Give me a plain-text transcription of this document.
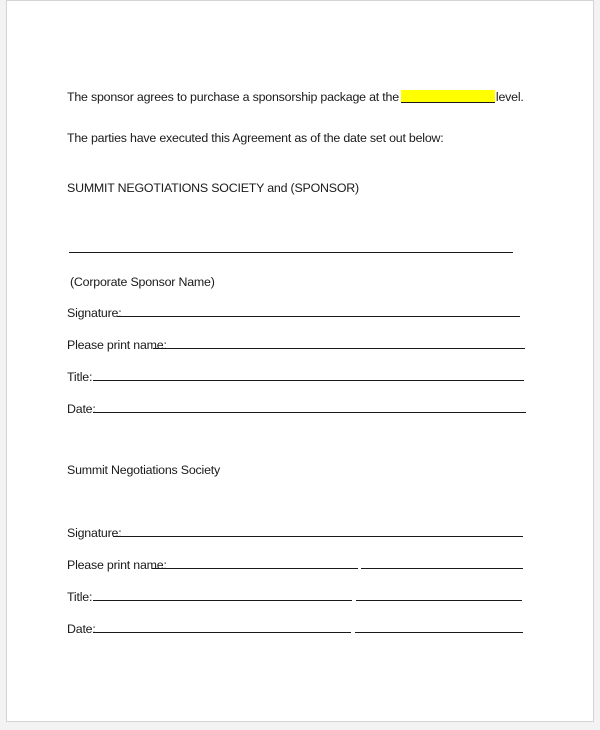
The sponsor agrees to purchase a sponsorship package at the	level.
The parties have executed this Agreement as of the date set out below:
SUMMIT NEGOTIATIONS SOCIETY and (SPONSOR)
(Corporate Sponsor Name)
Signature:
Please print name:
Title:
Date:
Summit Negotiations Society
Signature:
Please print name:
Title:
Date:
